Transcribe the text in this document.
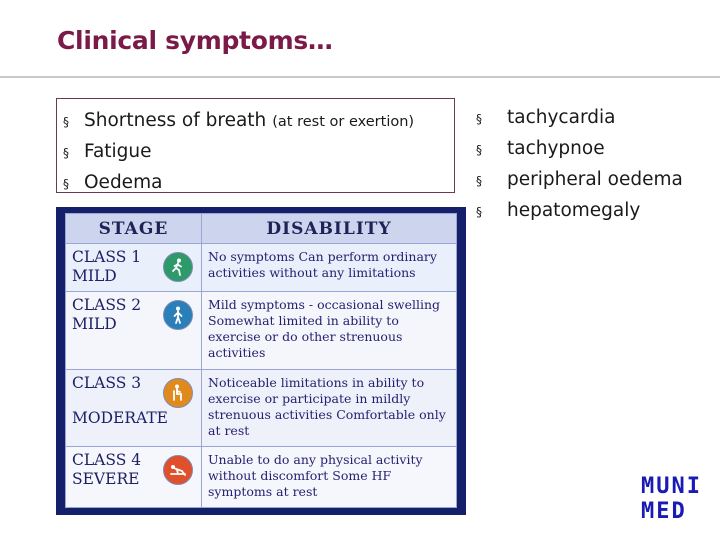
Clinical symptoms…
§ Shortness of breath (at rest or exertion)
§ Fatigue
§ Oedema
§	tachycardia
§	tachypnoe
§	peripheral oedema
§	hepatomegaly
STAGE	DISABILITY

CLASS 1
MILD	No symptoms Can perform ordinary activities without any limitations

CLASS 2
MILD	Mild symptoms - occasional swelling Somewhat limited in ability to exercise or do other strenuous activities

CLASS 3
MODERATE	Noticeable limitations in ability to exercise or participate in mildly strenuous activities Comfortable only at rest

CLASS 4
SEVERE	Unable to do any physical activity without discomfort Some HF symptoms at rest	MUNI
MED
